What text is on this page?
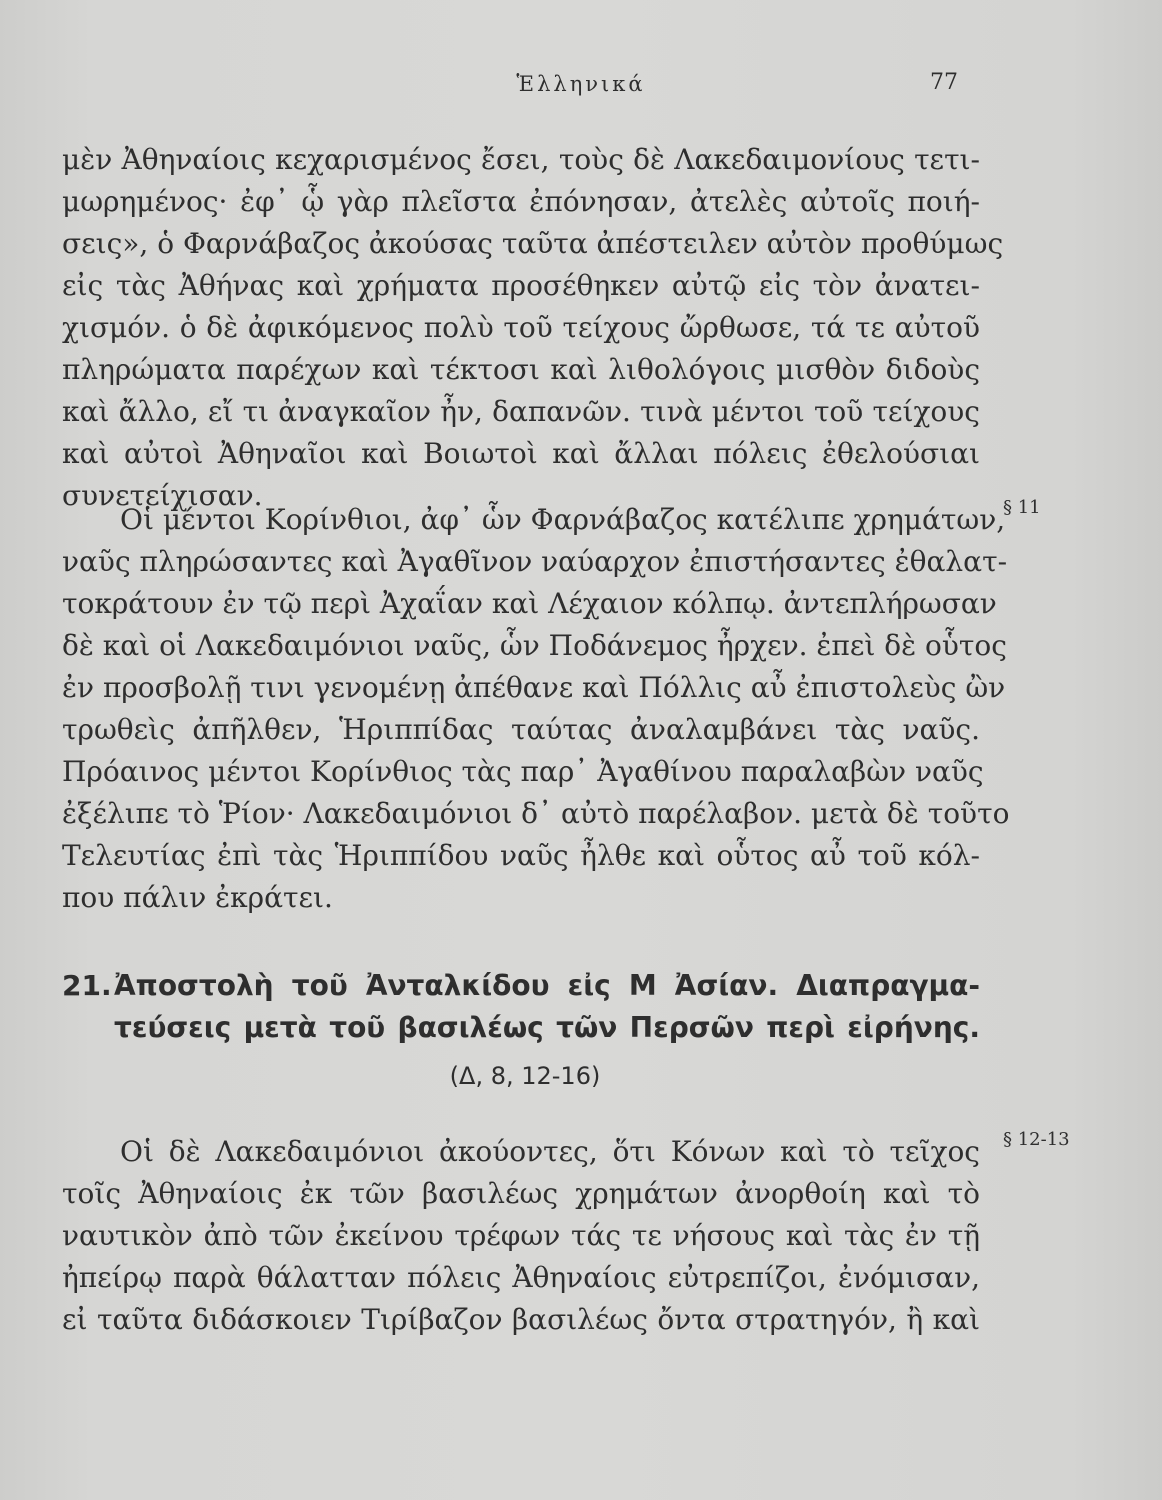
Ἑλληνικά	77
μὲν Ἀθηναίοις κεχαρισμένος ἔσει, τοὺς δὲ Λακεδαιμονίους τετι-
μωρημένος· ἐφ᾽ ᾧ γὰρ πλεῖστα ἐπόνησαν, ἀτελὲς αὐτοῖς ποιή-
σεις», ὁ Φαρνάβαζος ἀκούσας ταῦτα ἀπέστειλεν αὐτὸν προθύμως
εἰς τὰς Ἀθήνας καὶ χρήματα προσέθηκεν αὐτῷ εἰς τὸν ἀνατει-
χισμόν. ὁ δὲ ἀφικόμενος πολὺ τοῦ τείχους ὤρθωσε, τά τε αὐτοῦ
πληρώματα παρέχων καὶ τέκτοσι καὶ λιθολόγοις μισθὸν διδοὺς
καὶ ἄλλο, εἴ τι ἀναγκαῖον ἦν, δαπανῶν. τινὰ μέντοι τοῦ τείχους
καὶ αὐτοὶ Ἀθηναῖοι καὶ Βοιωτοὶ καὶ ἄλλαι πόλεις ἐθελούσιαι
συνετείχισαν.	§ 11
Οἱ μέντοι Κορίνθιοι, ἀφ᾽ ὧν Φαρνάβαζος κατέλιπε χρημάτων,
ναῦς πληρώσαντες καὶ Ἀγαθῖνον ναύαρχον ἐπιστήσαντες ἐθαλατ-
τοκράτουν ἐν τῷ περὶ Ἀχαΐαν καὶ Λέχαιον κόλπῳ. ἀντεπλήρωσαν
δὲ καὶ οἱ Λακεδαιμόνιοι ναῦς, ὧν Ποδάνεμος ἦρχεν. ἐπεὶ δὲ οὗτος
ἐν προσβολῇ τινι γενομένῃ ἀπέθανε καὶ Πόλλις αὖ ἐπιστολεὺς ὢν
τρωθεὶς ἀπῆλθεν, Ἡριππίδας ταύτας ἀναλαμβάνει τὰς ναῦς.
Πρόαινος μέντοι Κορίνθιος τὰς παρ᾽ Ἀγαθίνου παραλαβὼν ναῦς
ἐξέλιπε τὸ Ῥίον· Λακεδαιμόνιοι δ᾽ αὐτὸ παρέλαβον. μετὰ δὲ τοῦτο
Τελευτίας ἐπὶ τὰς Ἡριππίδου ναῦς ἦλθε καὶ οὗτος αὖ τοῦ κόλ-
που πάλιν ἐκράτει.
21. Ἀποστολὴ τοῦ Ἀνταλκίδου εἰς Μ Ἀσίαν. Διαπραγμα-
τεύσεις μετὰ τοῦ βασιλέως τῶν Περσῶν περὶ εἰρήνης.
(Δ, 8, 12-16)
§ 12-13
Οἱ δὲ Λακεδαιμόνιοι ἀκούοντες, ὅτι Κόνων καὶ τὸ τεῖχος
τοῖς Ἀθηναίοις ἐκ τῶν βασιλέως χρημάτων ἀνορθοίη καὶ τὸ
ναυτικὸν ἀπὸ τῶν ἐκείνου τρέφων τάς τε νήσους καὶ τὰς ἐν τῇ
ἠπείρῳ παρὰ θάλατταν πόλεις Ἀθηναίοις εὐτρεπίζοι, ἐνόμισαν,
εἰ ταῦτα διδάσκοιεν Τιρίβαζον βασιλέως ὄντα στρατηγόν, ἢ καὶ
